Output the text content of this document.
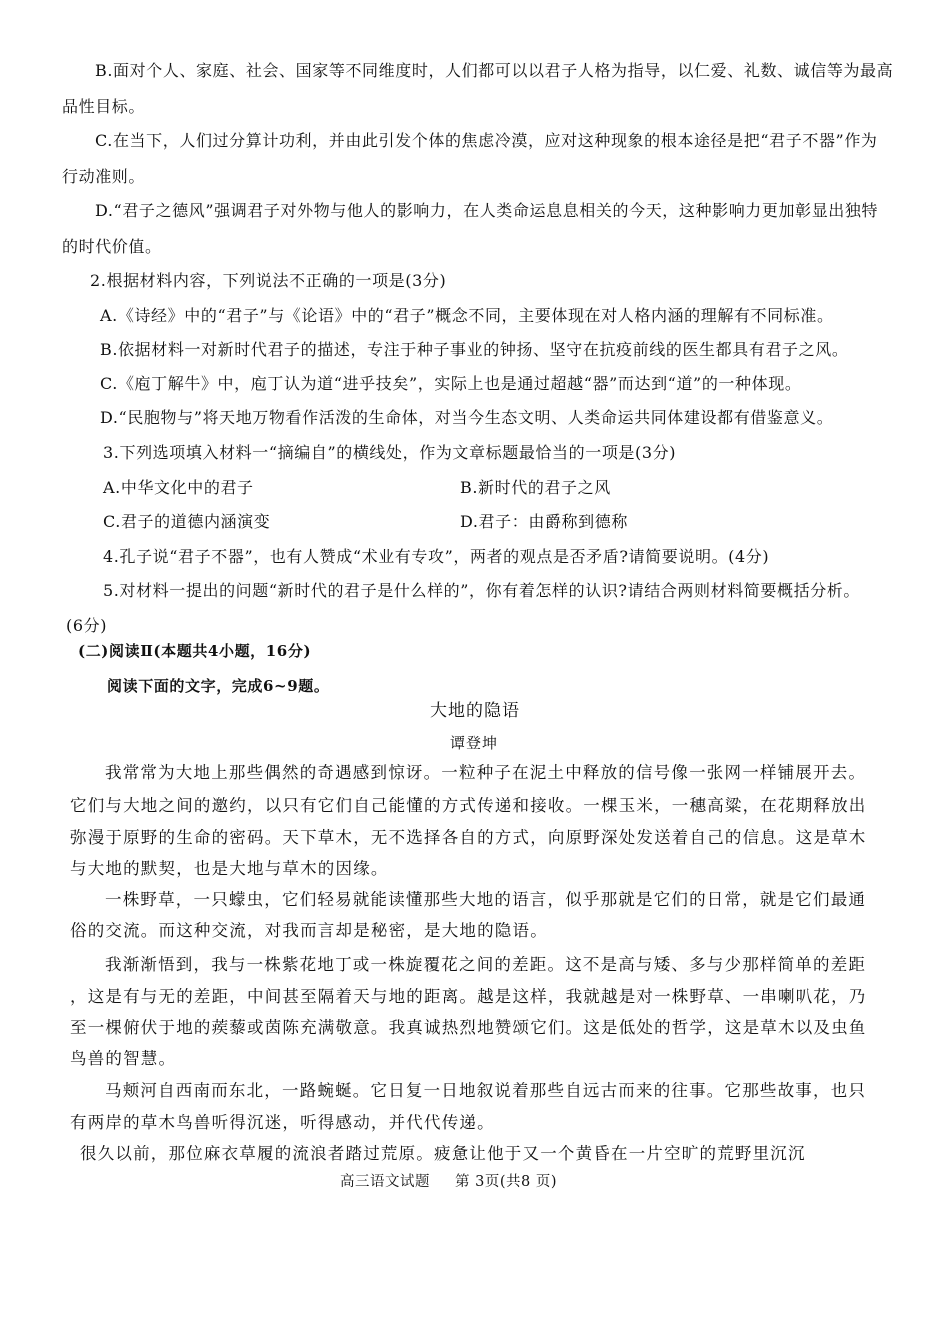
B.面对个人、家庭、社会、国家等不同维度时，人们都可以以君子人格为指导，以仁爱、礼数、诚信等为最高
品性目标。
C.在当下，人们过分算计功利，并由此引发个体的焦虑冷漠，应对这种现象的根本途径是把“君子不器”作为
行动准则。
D.“君子之德风”强调君子对外物与他人的影响力，在人类命运息息相关的今天，这种影响力更加彰显出独特
的时代价值。
2.根据材料内容，下列说法不正确的一项是(3分)
A.《诗经》中的“君子”与《论语》中的“君子”概念不同，主要体现在对人格内涵的理解有不同标准。
B.依据材料一对新时代君子的描述，专注于种子事业的钟扬、坚守在抗疫前线的医生都具有君子之风。
C.《庖丁解牛》中，庖丁认为道“进乎技矣”，实际上也是通过超越“器”而达到“道”的一种体现。
D.“民胞物与”将天地万物看作活泼的生命体，对当今生态文明、人类命运共同体建设都有借鉴意义。
3.下列选项填入材料一“摘编自”的横线处，作为文章标题最恰当的一项是(3分)
A.中华文化中的君子	B.新时代的君子之风
C.君子的道德内涵演变	D.君子：由爵称到德称
4.孔子说“君子不器”，也有人赞成“术业有专攻”，两者的观点是否矛盾?请简要说明。(4分)
5.对材料一提出的问题“新时代的君子是什么样的”，你有着怎样的认识?请结合两则材料简要概括分析。
(6分)
(二)阅读Ⅱ(本题共4小题，16分)
阅读下面的文字，完成6~9题。
大地的隐语
谭登坤
我常常为大地上那些偶然的奇遇感到惊讶。一粒种子在泥土中释放的信号像一张网一样铺展开去。
它们与大地之间的邀约，以只有它们自己能懂的方式传递和接收。一棵玉米，一穗高粱，在花期释放出
弥漫于原野的生命的密码。天下草木，无不选择各自的方式，向原野深处发送着自己的信息。这是草木
与大地的默契，也是大地与草木的因缘。
一株野草，一只蠓虫，它们轻易就能读懂那些大地的语言，似乎那就是它们的日常，就是它们最通
俗的交流。而这种交流，对我而言却是秘密，是大地的隐语。
我渐渐悟到，我与一株紫花地丁或一株旋覆花之间的差距。这不是高与矮、多与少那样简单的差距
，这是有与无的差距，中间甚至隔着天与地的距离。越是这样，我就越是对一株野草、一串喇叭花，乃
至一棵俯伏于地的蒺藜或茵陈充满敬意。我真诚热烈地赞颂它们。这是低处的哲学，这是草木以及虫鱼
鸟兽的智慧。
马颊河自西南而东北，一路蜿蜒。它日复一日地叙说着那些自远古而来的往事。它那些故事，也只
有两岸的草木鸟兽听得沉迷，听得感动，并代代传递。
很久以前，那位麻衣草履的流浪者踏过荒原。疲惫让他于又一个黄昏在一片空旷的荒野里沉沉
高三语文试题 第 3页(共8 页)
